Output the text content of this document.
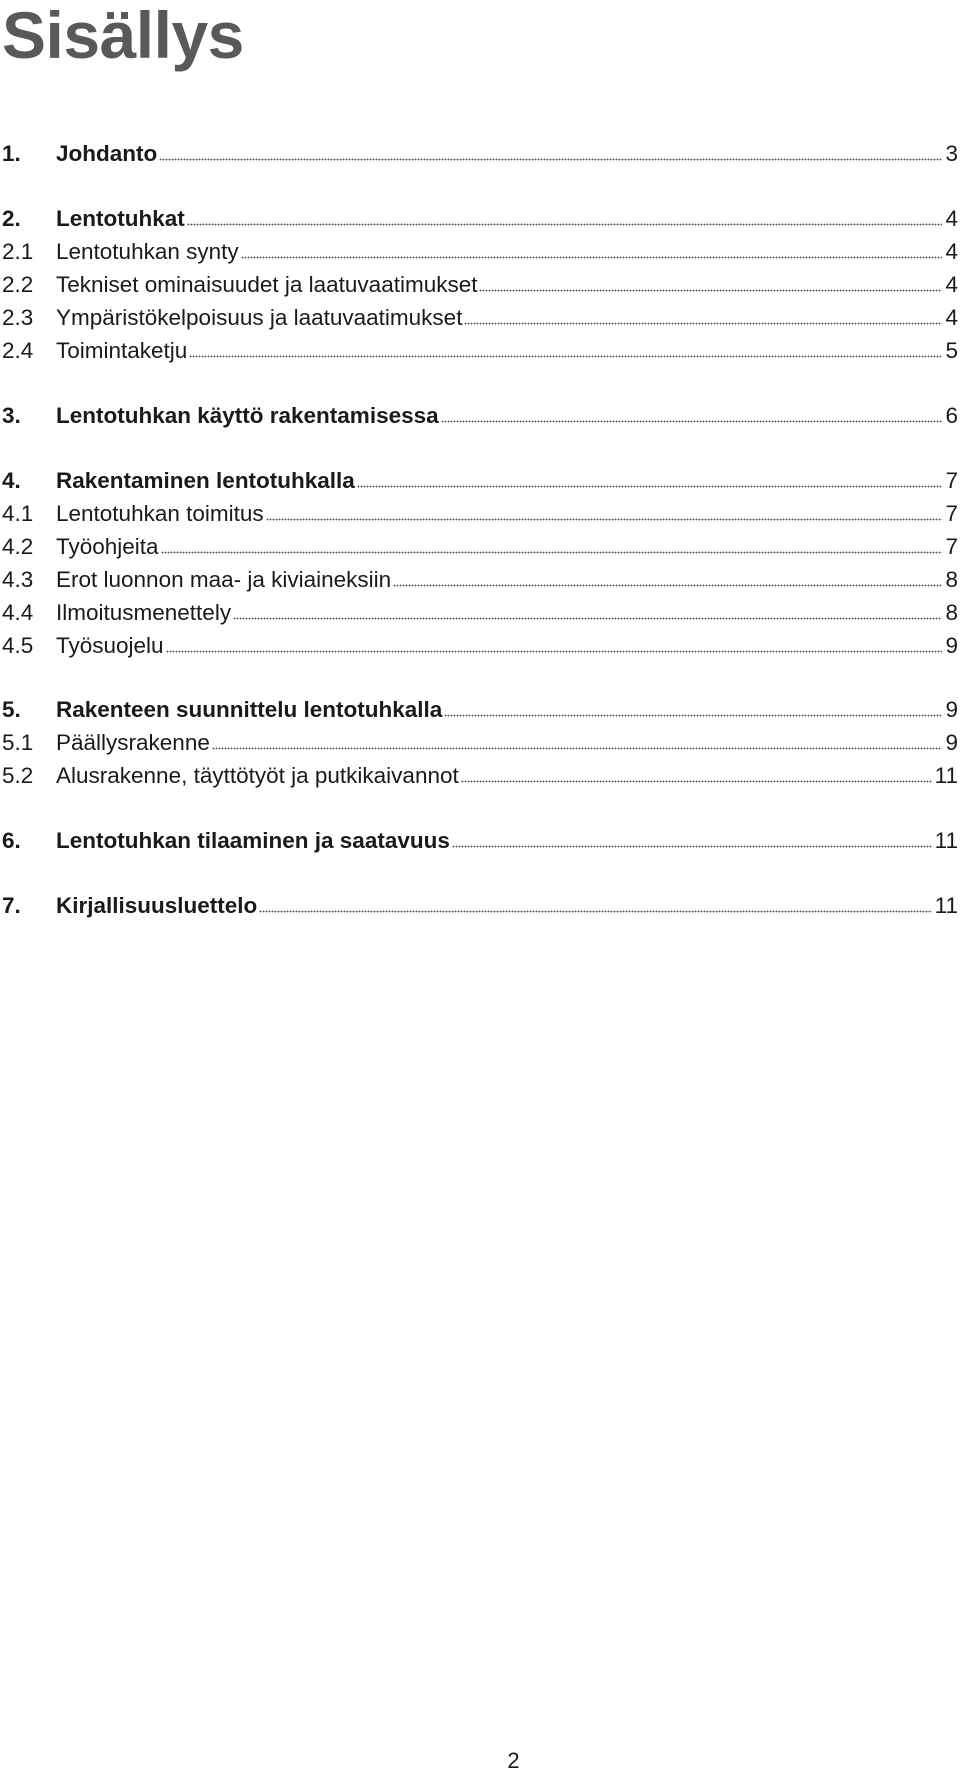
Sisällys
1.	Johdanto	3
2.	Lentotuhkat	4
2.1	Lentotuhkan synty	4
2.2	Tekniset ominaisuudet ja laatuvaatimukset	4
2.3	Ympäristökelpoisuus ja laatuvaatimukset	4
2.4	Toimintaketju	5
3.	Lentotuhkan käyttö rakentamisessa	6
4.	Rakentaminen lentotuhkalla	7
4.1	Lentotuhkan toimitus	7
4.2	Työohjeita	7
4.3	Erot luonnon maa- ja kiviaineksiin	8
4.4	Ilmoitusmenettely	8
4.5	Työsuojelu	9
5.	Rakenteen suunnittelu lentotuhkalla	9
5.1	Päällysrakenne	9
5.2	Alusrakenne, täyttötyöt ja putkikaivannot	11
6.	Lentotuhkan tilaaminen ja saatavuus	11
7.	Kirjallisuusluettelo	11
2
